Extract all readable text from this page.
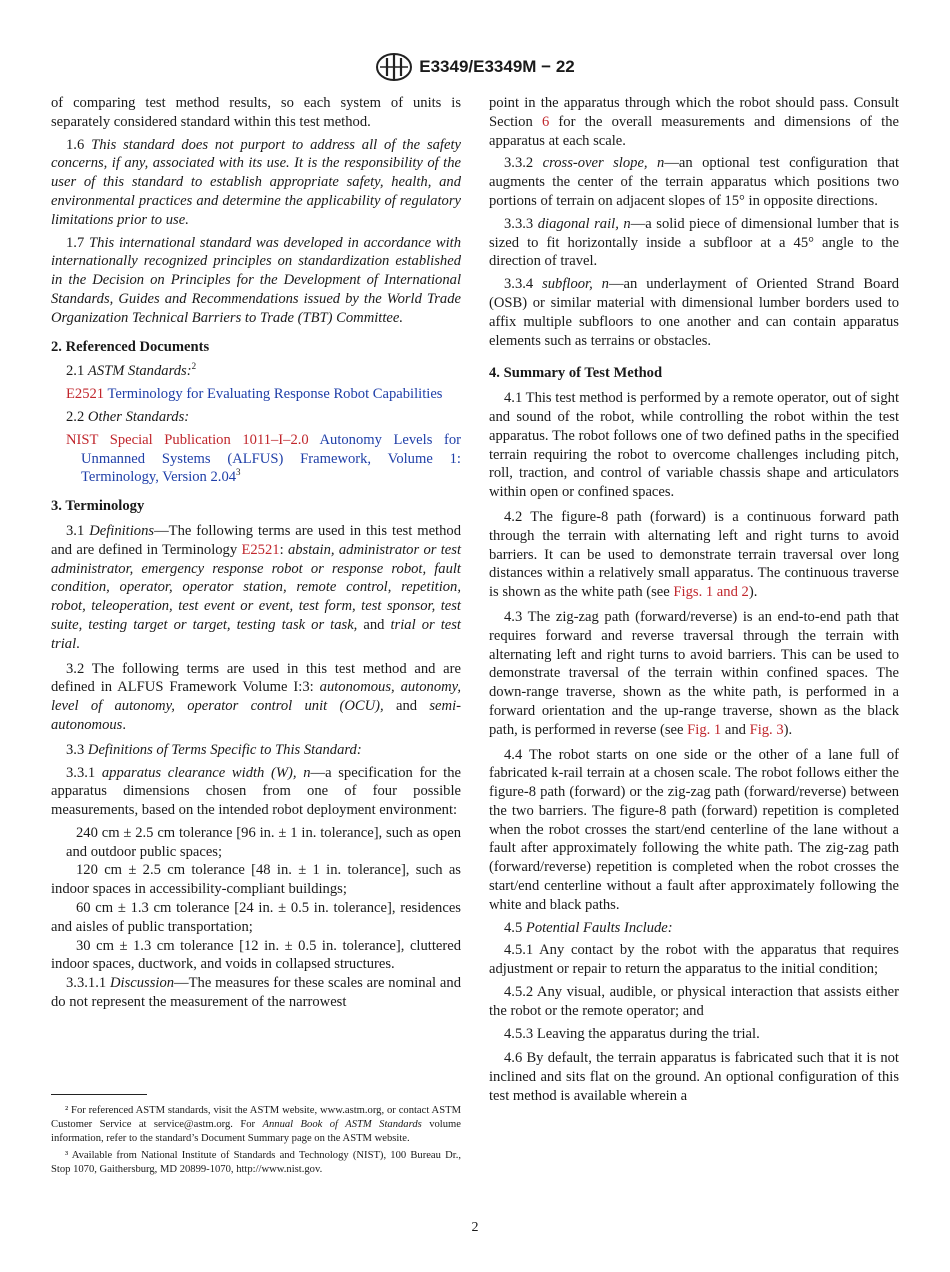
E3349/E3349M − 22

of comparing test method results, so each system of units is separately considered standard within this test method.

1.6 This standard does not purport to address all of the safety concerns, if any, associated with its use. It is the responsibility of the user of this standard to establish appropriate safety, health, and environmental practices and determine the applicability of regulatory limitations prior to use.

1.7 This international standard was developed in accordance with internationally recognized principles on standardization established in the Decision on Principles for the Development of International Standards, Guides and Recommendations issued by the World Trade Organization Technical Barriers to Trade (TBT) Committee.

2. Referenced Documents

2.1 ASTM Standards:$^2$

E2521 Terminology for Evaluating Response Robot Capabilities

2.2 Other Standards:

NIST Special Publication 1011–I–2.0 Autonomy Levels for Unmanned Systems (ALFUS) Framework, Volume 1: Terminology, Version 2.04$^3$

3. Terminology

3.1 Definitions—The following terms are used in this test method and are defined in Terminology E2521: abstain, administrator or test administrator, emergency response robot or response robot, fault condition, operator, operator station, remote control, repetition, robot, teleoperation, test event or event, test form, test sponsor, test suite, testing target or target, testing task or task, and trial or test trial.

3.2 The following terms are used in this test method and are defined in ALFUS Framework Volume I:3: autonomous, autonomy, level of autonomy, operator control unit (OCU), and semi-autonomous.

3.3 Definitions of Terms Specific to This Standard:

3.3.1 apparatus clearance width (W), n—a specification for the apparatus dimensions chosen from one of four possible measurements, based on the intended robot deployment environment:

240 cm ± 2.5 cm tolerance [96 in. ± 1 in. tolerance], such as open and outdoor public spaces;

120 cm ± 2.5 cm tolerance [48 in. ± 1 in. tolerance], such as indoor spaces in accessibility-compliant buildings;

60 cm ± 1.3 cm tolerance [24 in. ± 0.5 in. tolerance], residences and aisles of public transportation;

30 cm ± 1.3 cm tolerance [12 in. ± 0.5 in. tolerance], cluttered indoor spaces, ductwork, and voids in collapsed structures.

3.3.1.1 Discussion—The measures for these scales are nominal and do not represent the measurement of the narrowest

² For referenced ASTM standards, visit the ASTM website, www.astm.org, or contact ASTM Customer Service at service@astm.org. For Annual Book of ASTM Standards volume information, refer to the standard’s Document Summary page on the ASTM website.

³ Available from National Institute of Standards and Technology (NIST), 100 Bureau Dr., Stop 1070, Gaithersburg, MD 20899-1070, http://www.nist.gov.

point in the apparatus through which the robot should pass. Consult Section 6 for the overall measurements and dimensions of the apparatus at each scale.

3.3.2 cross-over slope, n—an optional test configuration that augments the center of the terrain apparatus which positions two portions of terrain on adjacent slopes of 15° in opposite directions.

3.3.3 diagonal rail, n—a solid piece of dimensional lumber that is sized to fit horizontally inside a subfloor at a 45° angle to the direction of travel.

3.3.4 subfloor, n—an underlayment of Oriented Strand Board (OSB) or similar material with dimensional lumber borders used to affix multiple subfloors to one another and can contain apparatus elements such as terrains or obstacles.

4. Summary of Test Method

4.1 This test method is performed by a remote operator, out of sight and sound of the robot, while controlling the robot within the test apparatus. The robot follows one of two defined paths in the specified terrain requiring the robot to overcome challenges including pitch, roll, traction, and control of variable chassis shape and articulators within open or confined spaces.

4.2 The figure-8 path (forward) is a continuous forward path through the terrain with alternating left and right turns to avoid barriers. It can be used to demonstrate terrain traversal over long distances within a relatively small apparatus. The continuous traverse is shown as the white path (see Figs. 1 and 2).

4.3 The zig-zag path (forward/reverse) is an end-to-end path that requires forward and reverse traversal through the terrain with alternating left and right turns to avoid barriers. This can be used to demonstrate traversal of the terrain within confined spaces. The down-range traverse, shown as the white path, is performed in a forward orientation and the up-range traverse, shown as the black path, is performed in reverse (see Fig. 1 and Fig. 3).

4.4 The robot starts on one side or the other of a lane full of fabricated k-rail terrain at a chosen scale. The robot follows either the figure-8 path (forward) or the zig-zag path (forward/reverse) between the two barriers. The figure-8 path (forward) repetition is completed when the robot crosses the start/end centerline of the lane without a fault after approximately following the white path. The zig-zag path (forward/reverse) repetition is completed when the robot crosses the start/end centerline without a fault after approximately following the white and black paths.

4.5 Potential Faults Include:

4.5.1 Any contact by the robot with the apparatus that requires adjustment or repair to return the apparatus to the initial condition;

4.5.2 Any visual, audible, or physical interaction that assists either the robot or the remote operator; and

4.5.3 Leaving the apparatus during the trial.

4.6 By default, the terrain apparatus is fabricated such that it is not inclined and sits flat on the ground. An optional configuration of this test method is available wherein a

2
